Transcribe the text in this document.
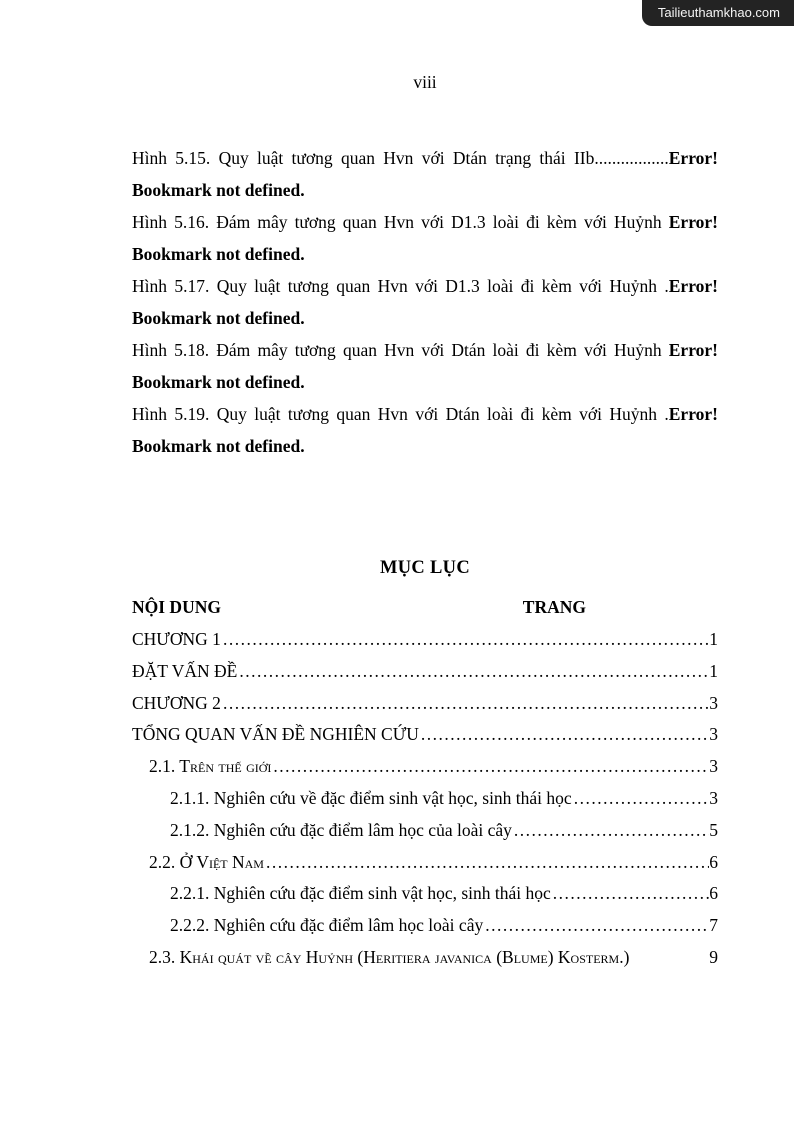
Tailieuthamkhao.com
viii

Hình 5.15. Quy luật tương quan Hvn với Dtán trạng thái IIb.................Error! Bookmark not defined.

Hình 5.16. Đám mây tương quan Hvn với D1.3 loài đi kèm với Huỷnh Error! Bookmark not defined.

Hình 5.17. Quy luật tương quan Hvn với D1.3 loài đi kèm với Huỷnh .Error! Bookmark not defined.

Hình 5.18. Đám mây tương quan Hvn với Dtán loài đi kèm với Huỷnh Error! Bookmark not defined.

Hình 5.19. Quy luật tương quan Hvn với Dtán loài đi kèm với Huỷnh .Error! Bookmark not defined.

MỤC LỤC
NỘI DUNG	TRANG
CHƯƠNG 1 .....	1
ĐẶT VẤN ĐỀ .....	1
CHƯƠNG 2 .....	3
TỔNG QUAN VẤN ĐỀ NGHIÊN CỨU .....	3
2.1. Trên thế giới .....	3
2.1.1. Nghiên cứu về đặc điểm sinh vật học, sinh thái học .....	3
2.1.2. Nghiên cứu đặc điểm lâm học của loài cây .....	5
2.2. Ở Việt Nam .....	6
2.2.1. Nghiên cứu đặc điểm sinh vật học, sinh thái học .....	6
2.2.2. Nghiên cứu đặc điểm lâm học loài cây .....	7
2.3. Khái quát về cây Huỷnh (Heritiera javanica (Blume) Kosterm.)	9
